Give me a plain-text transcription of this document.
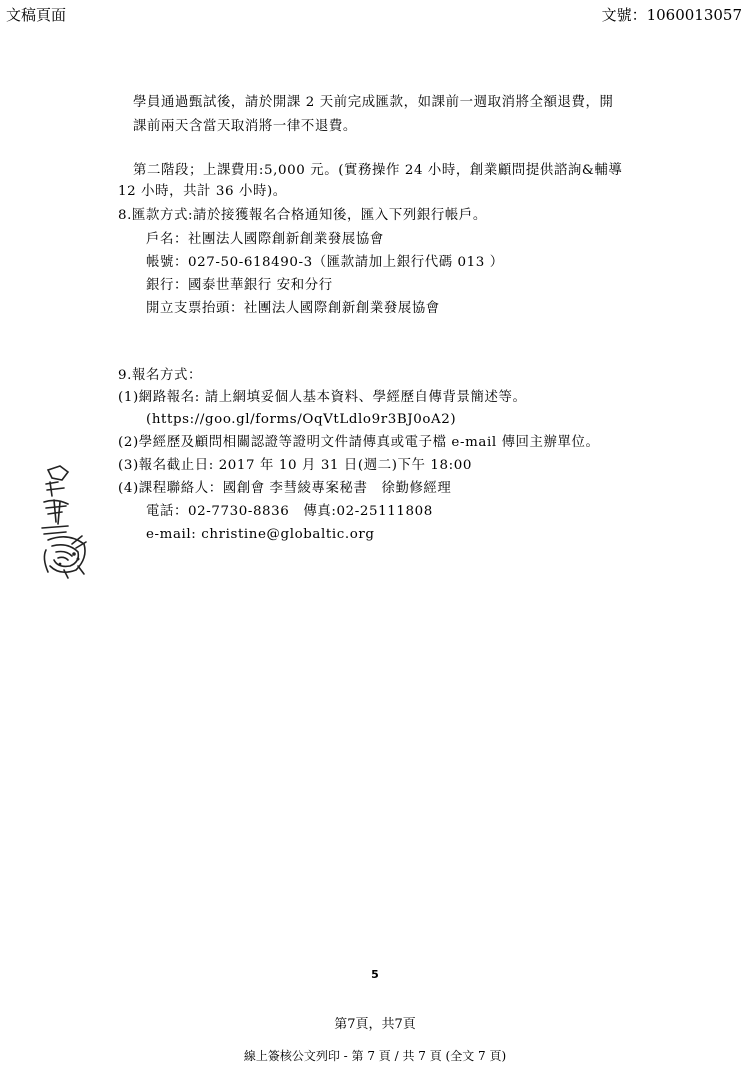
文稿頁面	文號：1060013057
學員通過甄試後，請於開課 2 天前完成匯款，如課前一週取消將全額退費，開
課前兩天含當天取消將一律不退費。
第二階段；上課費用:5,000 元。(實務操作 24 小時，創業顧問提供諮詢&輔導
12 小時，共計 36 小時)。
8.匯款方式:請於接獲報名合格通知後，匯入下列銀行帳戶。
戶名：社團法人國際創新創業發展協會
帳號：027-50-618490-3（匯款請加上銀行代碼 013 ）
銀行：國泰世華銀行 安和分行
開立支票抬頭：社團法人國際創新創業發展協會
9.報名方式：
(1)網路報名: 請上網填妥個人基本資料、學經歷自傳背景簡述等。
(https://goo.gl/forms/OqVtLdlo9r3BJ0oA2)
(2)學經歷及顧問相關認證等證明文件請傳真或電子檔 e-mail 傳回主辦單位。
(3)報名截止日: 2017 年 10 月 31 日(週二)下午 18:00
(4)課程聯絡人：國創會 李彗綾專案秘書　徐勤修經理
電話：02-7730-8836　傳真:02-25111808
e-mail: christine@globaltic.org
5
第7頁，共7頁
線上簽核公文列印 - 第 7 頁 / 共 7 頁 (全文 7 頁)
